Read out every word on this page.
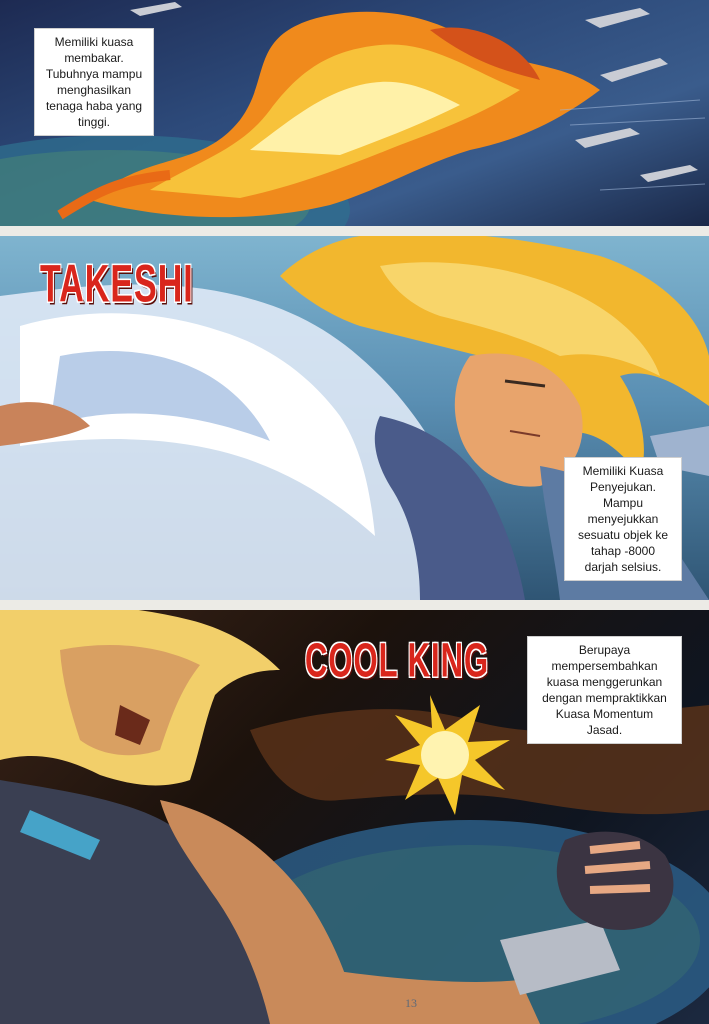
Memiliki kuasa
membakar.
Tubuhnya mampu
menghasilkan
tenaga haba yang
tinggi.
TAKESHI
Memiliki Kuasa
Penyejukan.
Mampu
menyejukkan
sesuatu objek ke
tahap -8000
darjah selsius.
COOL KING	Berupaya
mempersembahkan
kuasa menggerunkan
dengan mempraktikkan
Kuasa Momentum
Jasad.
13
